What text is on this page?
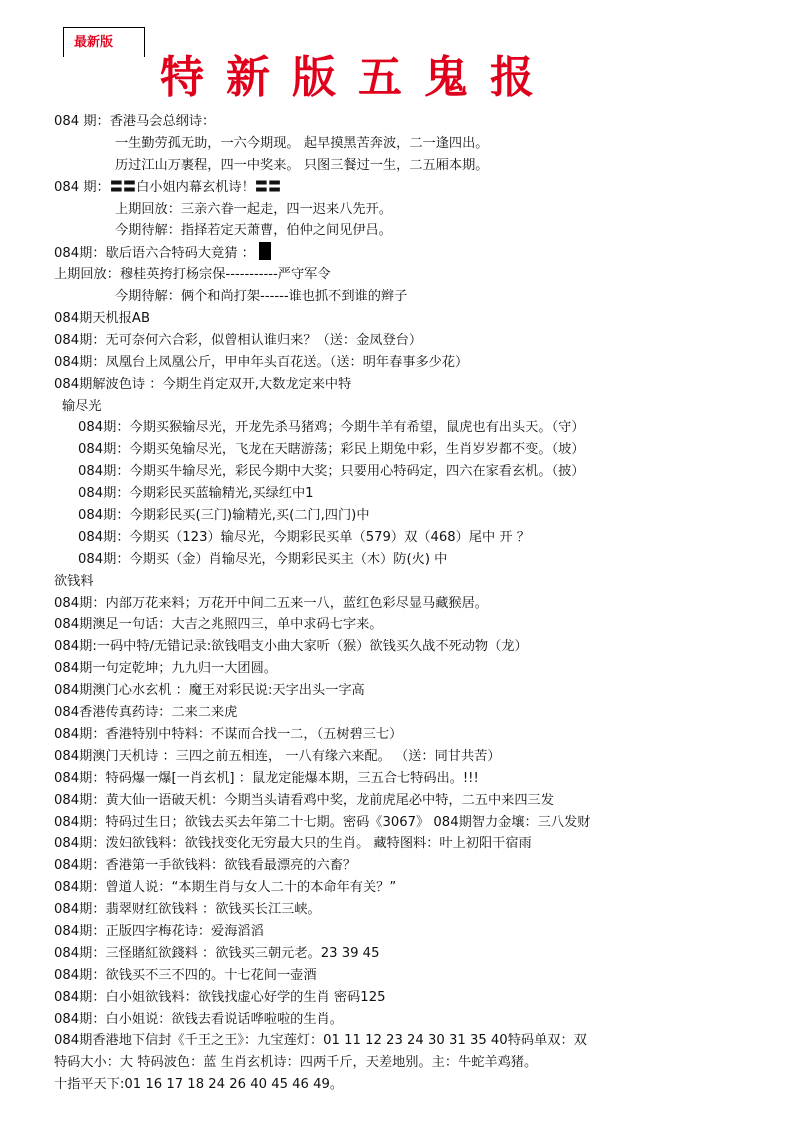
最新版
特新版五鬼报
084 期：香港马会总纲诗：
一生勤劳孤无助，一六今期现。 起早摸黑苦奔波，二一逢四出。
历过江山万裹程，四一中奖来。 只图三餐过一生，二五厢本期。
084 期：〓〓白小姐内幕玄机诗！〓〓
上期回放：三亲六眷一起走，四一迟来八先开。
今期待解：指择若定天萧曹，伯仲之间见伊吕。
084期：歇后语六合特码大竟猜 ：
上期回放：穆桂英挎打杨宗保-----------严守军令
今期待解：俩个和尚打架------谁也抓不到谁的辫子
084期天机报AB
084期：无可奈何六合彩，似曾相认谁归来？（送：金凤登台）
084期：凤凰台上凤凰公斤，甲申年头百花送。（送：明年春事多少花）
084期解波色诗 ：今期生肖定双开,大数龙定来中特
输尽光
084期：今期买猴输尽光，开龙先杀马猪鸡；今期牛羊有希望，鼠虎也有出头天。（守）
084期：今期买兔输尽光，飞龙在天瞎游荡；彩民上期兔中彩，生肖岁岁都不变。（坡）
084期：今期买牛输尽光，彩民今期中大奖；只要用心特码定，四六在家看玄机。（披）
084期：今期彩民买蓝输精光,买绿红中1
084期：今期彩民买(三门)输精光,买(二门,四门)中
084期：今期买（123）输尽光，今期彩民买单（579）双（468）尾中 开 ？
084期：今期买（金）肖输尽光，今期彩民买主（木）防(火) 中
欲钱料
084期：内部万花来料；万花开中间二五来一八，蓝红色彩尽显马藏猴居。
084期澳足一句话：大吉之兆照四三，单中求码七字来。
084期:一码中特/无错记录:欲钱唱支小曲大家听（猴）欲钱买久战不死动物（龙）
084期一句定乾坤；九九归一大团圆。
084期澳门心水玄机 ：魔王对彩民说:天字出头一字高
084香港传真药诗：二来二来虎
084期：香港特别中特料：不谋而合找一二，（五树碧三七）
084期澳门天机诗 ：三四之前五相连， 一八有缘六来配。 （送：同甘共苦）
084期：特码爆一爆[一肖玄机] ：鼠龙定能爆本期，三五合七特码出。!!!
084期：黄大仙一语破天机：今期当头请看鸡中奖，龙前虎尾必中特，二五中来四三发
084期：特码过生日；欲钱去买去年第二十七期。密码《3067》 084期智力金壤：三八发财
084期：泼妇欲钱料：欲钱找变化无穷最大只的生肖。 藏特图料：叶上初阳干宿雨
084期：香港第一手欲钱料：欲钱看最漂亮的六畜？
084期：曾道人说：“本期生肖与女人二十的本命年有关？”
084期：翡翠财红欲钱料 ：欲钱买长江三峡。
084期：正版四字梅花诗：爱海滔滔
084期：三怪賭紅欲錢料 ：欲钱买三朝元老。23 39 45
084期：欲钱买不三不四的。十七花间一壶酒
084期：白小姐欲钱料：欲钱找虚心好学的生肖 密码125
084期：白小姐说：欲钱去看说话哗啦啦的生肖。
084期香港地下信封《千王之王》：九宝莲灯：01 11 12 23 24 30 31 35 40特码单双：双
特码大小：大 特码波色：蓝 生肖玄机诗：四两千斤，天差地别。主：牛蛇羊鸡猪。
十指平天下:01 16 17 18 24 26 40 45 46 49。
